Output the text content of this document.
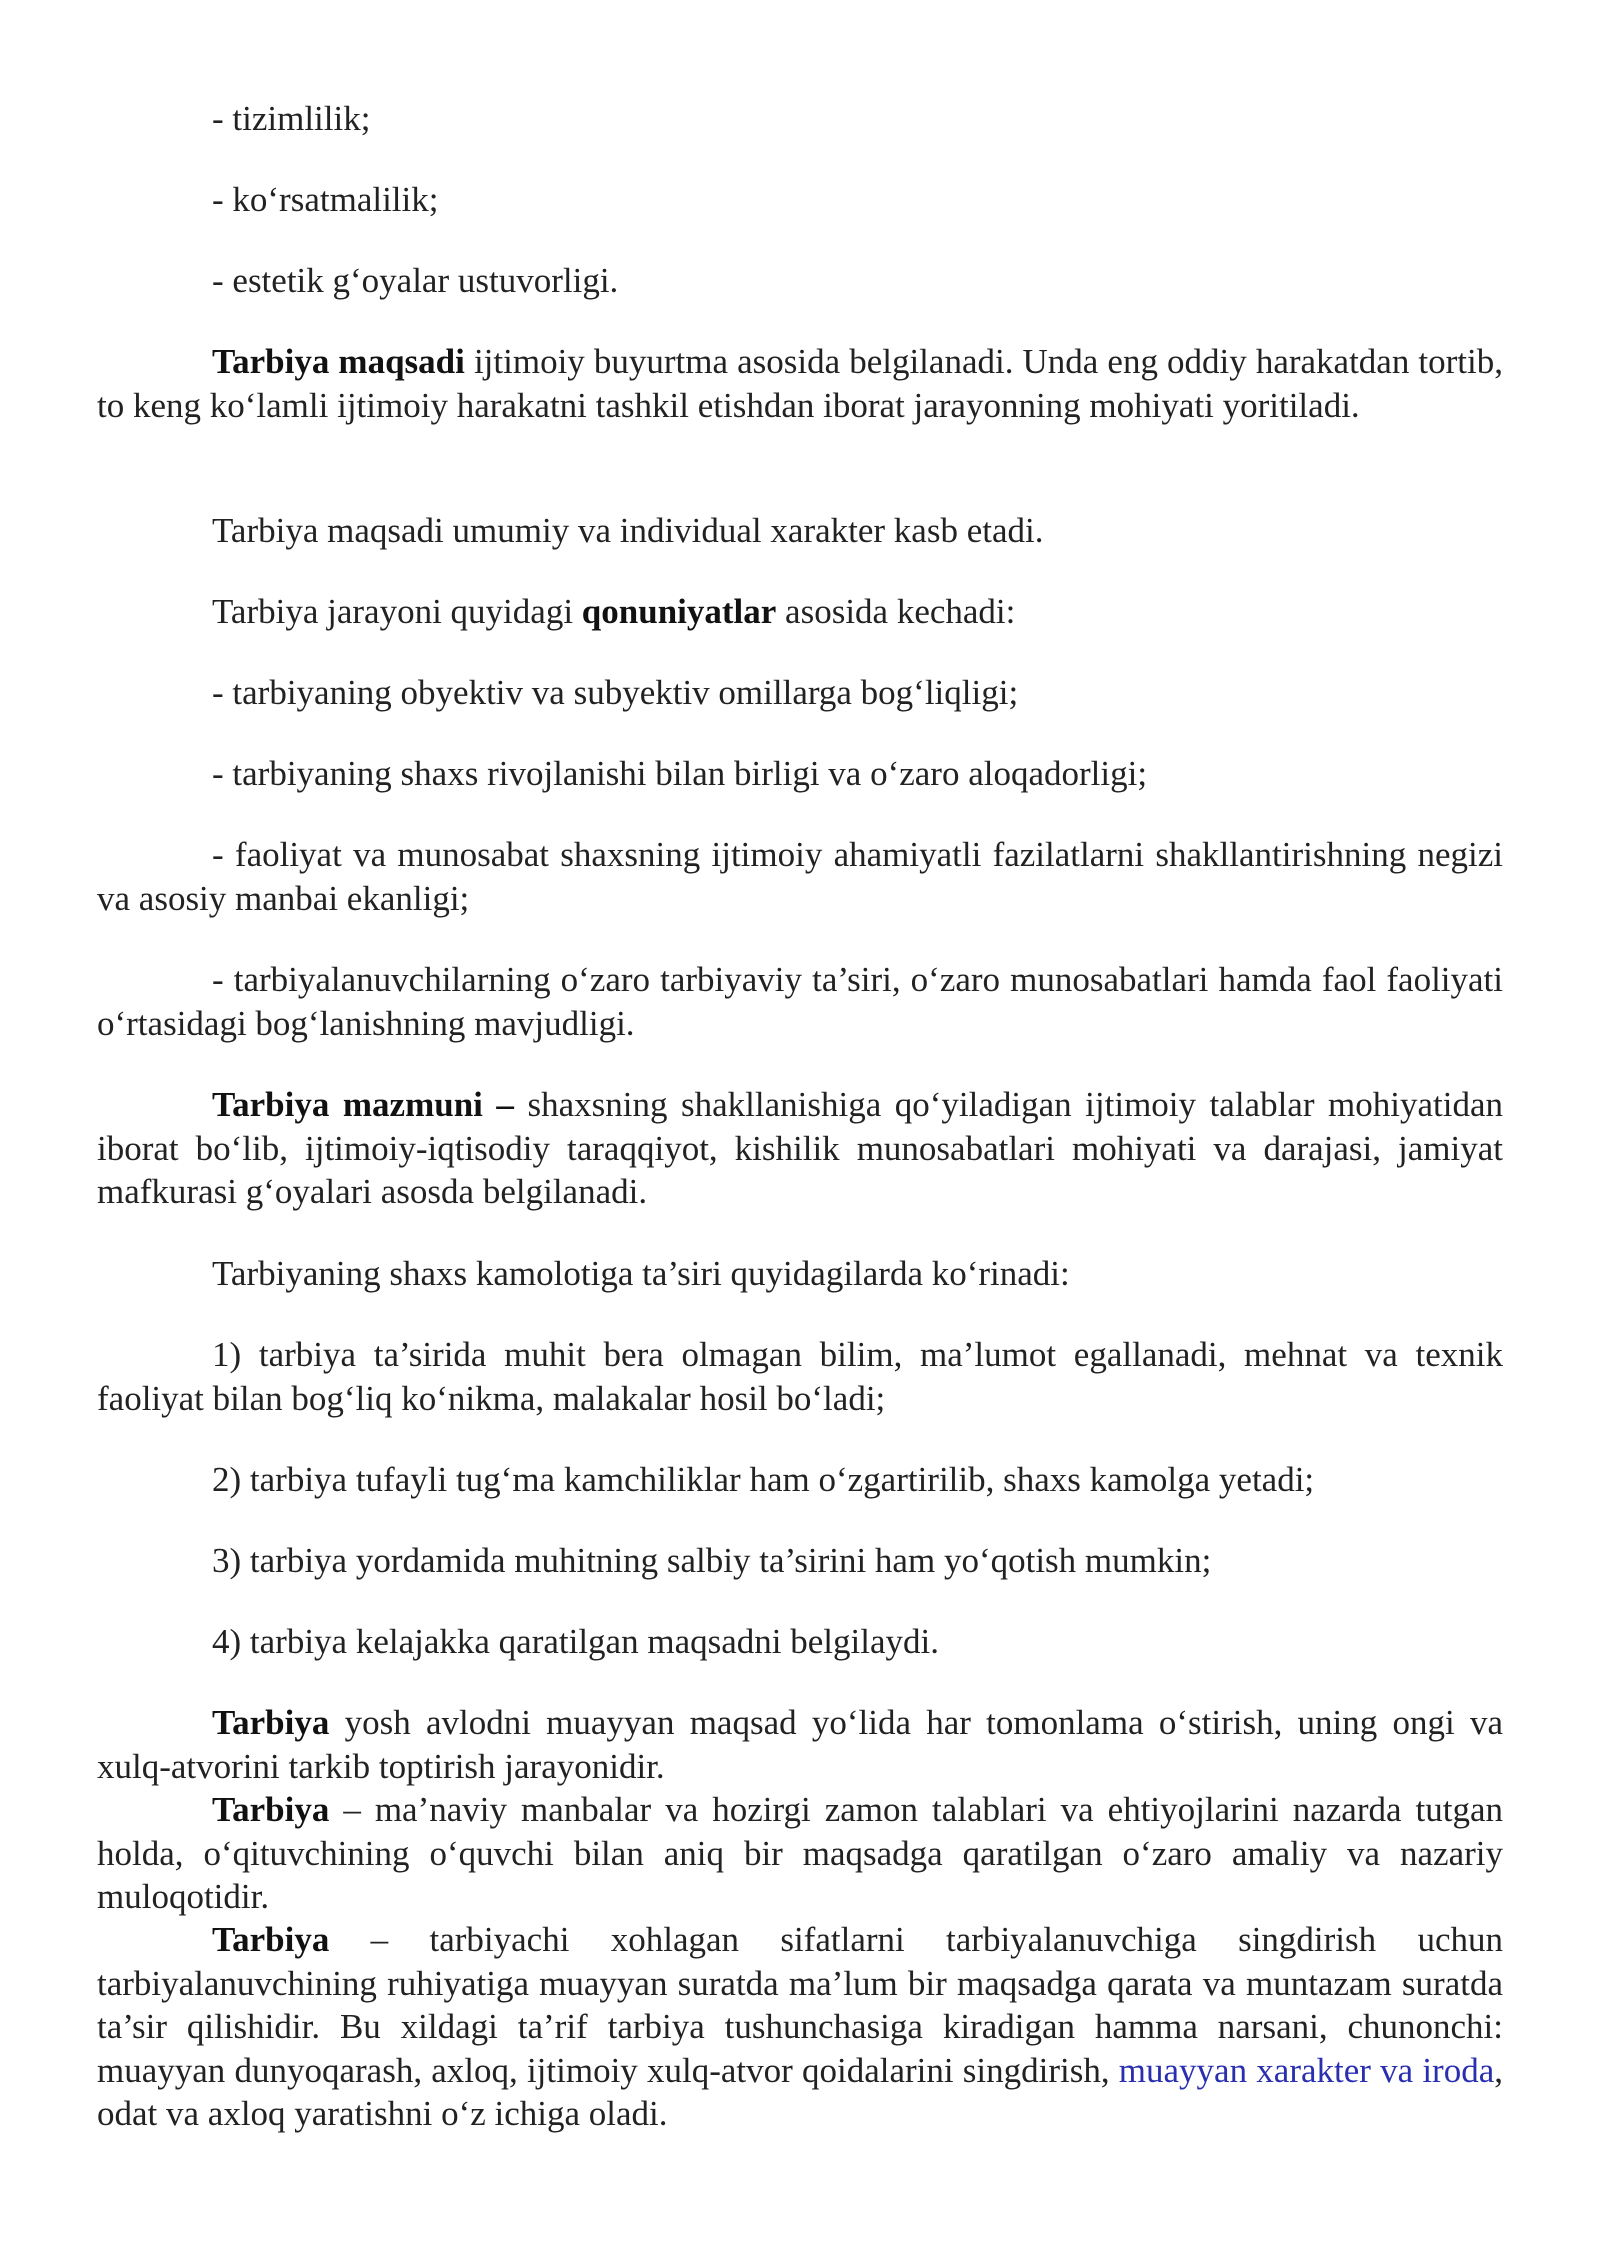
- tizimlilik;

- ko‘rsatmalilik;

- estetik g‘oyalar ustuvorligi.

Tarbiya maqsadi ijtimoiy buyurtma asosida belgilanadi. Unda eng oddiy harakatdan tortib, to keng ko‘lamli ijtimoiy harakatni tashkil etishdan iborat jarayonning mohiyati yoritiladi.

Tarbiya maqsadi umumiy va individual xarakter kasb etadi.

Tarbiya jarayoni quyidagi qonuniyatlar asosida kechadi:

- tarbiyaning obyektiv va subyektiv omillarga bog‘liqligi;

- tarbiyaning shaxs rivojlanishi bilan birligi va o‘zaro aloqadorligi;

- faoliyat va munosabat shaxsning ijtimoiy ahamiyatli fazilatlarni shakllantirishning negizi va asosiy manbai ekanligi;

- tarbiyalanuvchilarning o‘zaro tarbiyaviy ta’siri, o‘zaro munosabatlari hamda faol faoliyati o‘rtasidagi bog‘lanishning mavjudligi.

Tarbiya mazmuni – shaxsning shakllanishiga qo‘yiladigan ijtimoiy talablar mohiyatidan iborat bo‘lib, ijtimoiy-iqtisodiy taraqqiyot, kishilik munosabatlari mohiyati va darajasi, jamiyat mafkurasi g‘oyalari asosda belgilanadi.

Tarbiyaning shaxs kamolotiga ta’siri quyidagilarda ko‘rinadi:

1) tarbiya ta’sirida muhit bera olmagan bilim, ma’lumot egallanadi, mehnat va texnik faoliyat bilan bog‘liq ko‘nikma, malakalar hosil bo‘ladi;

2) tarbiya tufayli tug‘ma kamchiliklar ham o‘zgartirilib, shaxs kamolga yetadi;

3) tarbiya yordamida muhitning salbiy ta’sirini ham yo‘qotish mumkin;

4) tarbiya kelajakka qaratilgan maqsadni belgilaydi.

Tarbiya yosh avlodni muayyan maqsad yo‘lida har tomonlama o‘stirish, uning ongi va xulq-atvorini tarkib toptirish jarayonidir.

Tarbiya – ma’naviy manbalar va hozirgi zamon talablari va ehtiyojlarini nazarda tutgan holda, o‘qituvchining o‘quvchi bilan aniq bir maqsadga qaratilgan o‘zaro amaliy va nazariy muloqotidir.

Tarbiya – tarbiyachi xohlagan sifatlarni tarbiyalanuvchiga singdirish uchun tarbiyalanuvchining ruhiyatiga muayyan suratda ma’lum bir maqsadga qarata va muntazam suratda ta’sir qilishidir. Bu xildagi ta’rif tarbiya tushunchasiga kiradigan hamma narsani, chunonchi: muayyan dunyoqarash, axloq, ijtimoiy xulq-atvor qoidalarini singdirish, muayyan xarakter va iroda, odat va axloq yaratishni o‘z ichiga oladi.
